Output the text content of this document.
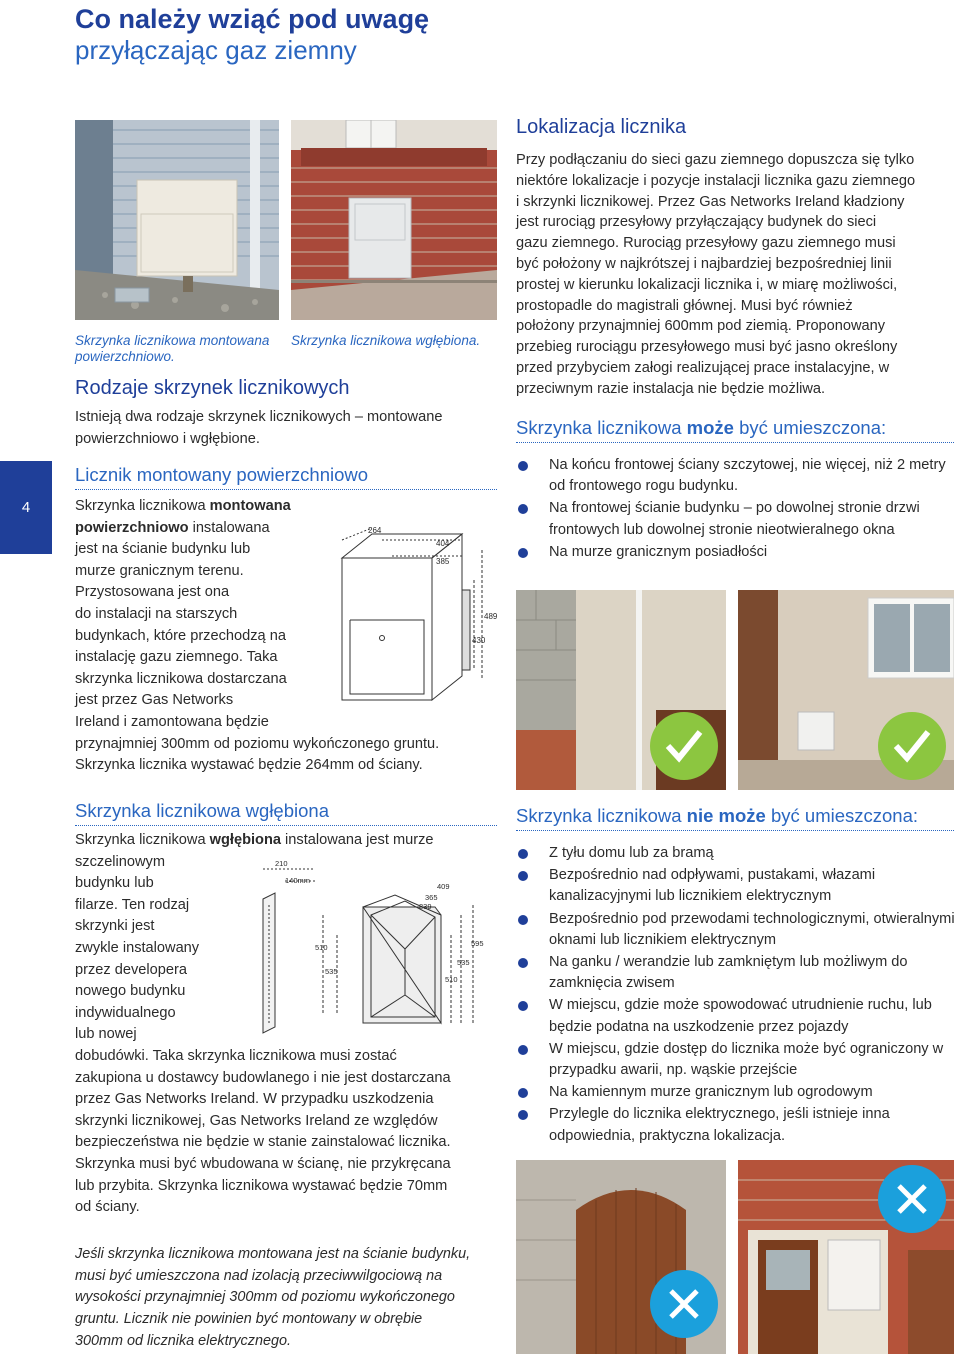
Co należy wziąć pod uwagę
przyłączając gaz ziemny
4
Skrzynka licznikowa montowana
powierzchniowo.
Skrzynka licznikowa wgłębiona.
Rodzaje skrzynek licznikowych
Istnieją dwa rodzaje skrzynek licznikowych – montowane
powierzchniowo i wgłębione.
Licznik montowany powierzchniowo
Skrzynka licznikowa montowana
powierzchniowo instalowana
jest na ścianie budynku lub
murze granicznym terenu.
Przystosowana jest ona
do instalacji na starszych
budynkach, które przechodzą na
instalację gazu ziemnego. Taka
skrzynka licznikowa dostarczana
jest przez Gas Networks
Ireland i zamontowana będzie
przynajmniej 300mm od poziomu wykończonego gruntu.
Skrzynka licznika wystawać będzie 264mm od ściany.
264
404
385
489
430
Skrzynka licznikowa wgłębiona
Skrzynka licznikowa wgłębiona instalowana jest murze
szczelinowym
budynku lub
filarze. Ten rodzaj
skrzynki jest
zwykle instalowany
przez developera
nowego budynku
indywidualnego
lub nowej
dobudówki. Taka skrzynka licznikowa musi zostać
zakupiona u dostawcy budowlanego i nie jest dostarczana
przez Gas Networks Ireland. W przypadku uszkodzenia
skrzynki licznikowej, Gas Networks Ireland ze względów
bezpieczeństwa nie będzie w stanie zainstalować licznika.
Skrzynka musi być wbudowana w ścianę, nie przykręcana
lub przybita. Skrzynka licznikowa wystawać będzie 70mm
od ściany.
210
140mm
409
365
339
510
535
595
535
510
Jeśli skrzynka licznikowa montowana jest na ścianie budynku,
musi być umieszczona nad izolacją przeciwwilgociową na
wysokości przynajmniej 300mm od poziomu wykończonego
gruntu. Licznik nie powinien być montowany w obrębie
300mm od licznika elektrycznego.
Lokalizacja licznika
Przy podłączaniu do sieci gazu ziemnego dopuszcza się tylko
niektóre lokalizacje i pozycje instalacji licznika gazu ziemnego
i skrzynki licznikowej. Przez Gas Networks Ireland kładziony
jest rurociąg przesyłowy przyłączający budynek do sieci
gazu ziemnego. Rurociąg przesyłowy gazu ziemnego musi
być położony w najkrótszej i najbardziej bezpośredniej linii
prostej w kierunku lokalizacji licznika i, w miarę możliwości,
prostopadle do magistrali głównej. Musi być również
położony przynajmniej 600mm pod ziemią. Proponowany
przebieg rurociągu przesyłowego musi być jasno określony
przed przybyciem załogi realizującej prace instalacyjne, w
przeciwnym razie instalacja nie będzie możliwa.
Skrzynka licznikowa może być umieszczona:
Na końcu frontowej ściany szczytowej, nie więcej, niż 2 metry od frontowego rogu budynku.
Na frontowej ścianie budynku – po dowolnej stronie drzwi frontowych lub dowolnej stronie nieotwieralnego okna
Na murze granicznym posiadłości
Skrzynka licznikowa nie może być umieszczona:
Z tyłu domu lub za bramą
Bezpośrednio nad odpływami, pustakami, włazami kanalizacyjnymi lub licznikiem elektrycznym
Bezpośrednio pod przewodami technologicznymi, otwieralnymi oknami lub licznikiem elektrycznym
Na ganku / werandzie lub zamkniętym lub możliwym do zamknięcia zwisem
W miejscu, gdzie może spowodować utrudnienie ruchu, lub będzie podatna na uszkodzenie przez pojazdy
W miejscu, gdzie dostęp do licznika może być ograniczony w przypadku awarii, np. wąskie przejście
Na kamiennym murze granicznym lub ogrodowym
Przylegle do licznika elektrycznego, jeśli istnieje inna odpowiednia, praktyczna lokalizacja.
